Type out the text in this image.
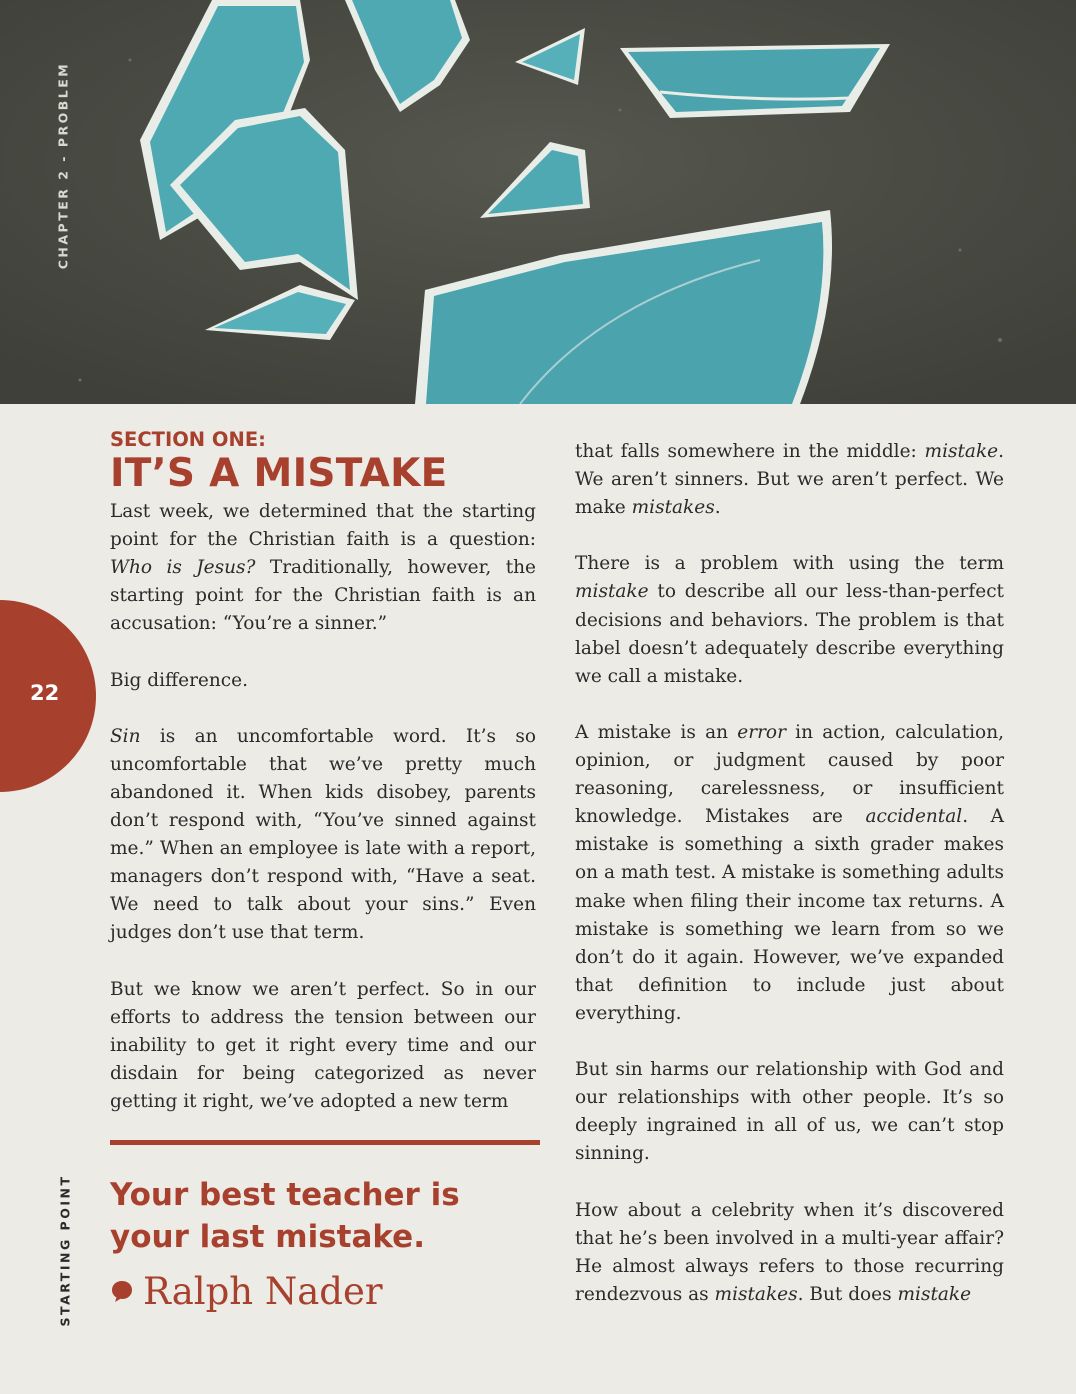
CHAPTER 2 - PROBLEM
22
STARTING POINT
SECTION ONE:
IT’S A MISTAKE

Last week, we determined that the starting point for the Christian faith is a question: Who is Jesus? Traditionally, however, the starting point for the Christian faith is an accusation: “You’re a sinner.”

Big difference.

Sin is an uncomfortable word. It’s so uncomfortable that we’ve pretty much abandoned it. When kids disobey, parents don’t respond with, “You’ve sinned against me.” When an employee is late with a report, managers don’t respond with, “Have a seat. We need to talk about your sins.” Even judges don’t use that term.

But we know we aren’t perfect. So in our efforts to address the tension between our inability to get it right every time and our disdain for being categorized as never getting it right, we’ve adopted a new term

that falls somewhere in the middle: mistake. We aren’t sinners. But we aren’t perfect. We make mistakes.

There is a problem with using the term mistake to describe all our less-than-perfect decisions and behaviors. The problem is that label doesn’t adequately describe everything we call a mistake.

A mistake is an error in action, calculation, opinion, or judgment caused by poor reasoning, carelessness, or insufficient knowledge. Mistakes are accidental. A mistake is something a sixth grader makes on a math test. A mistake is something adults make when filing their income tax returns. A mistake is something we learn from so we don’t do it again. However, we’ve expanded that definition to include just about everything.

But sin harms our relationship with God and our relationships with other people. It’s so deeply ingrained in all of us, we can’t stop sinning.

How about a celebrity when it’s discovered that he’s been involved in a multi-year affair? He almost always refers to those recurring rendezvous as mistakes. But does mistake

Your best teacher is
your last mistake.

Ralph Nader
